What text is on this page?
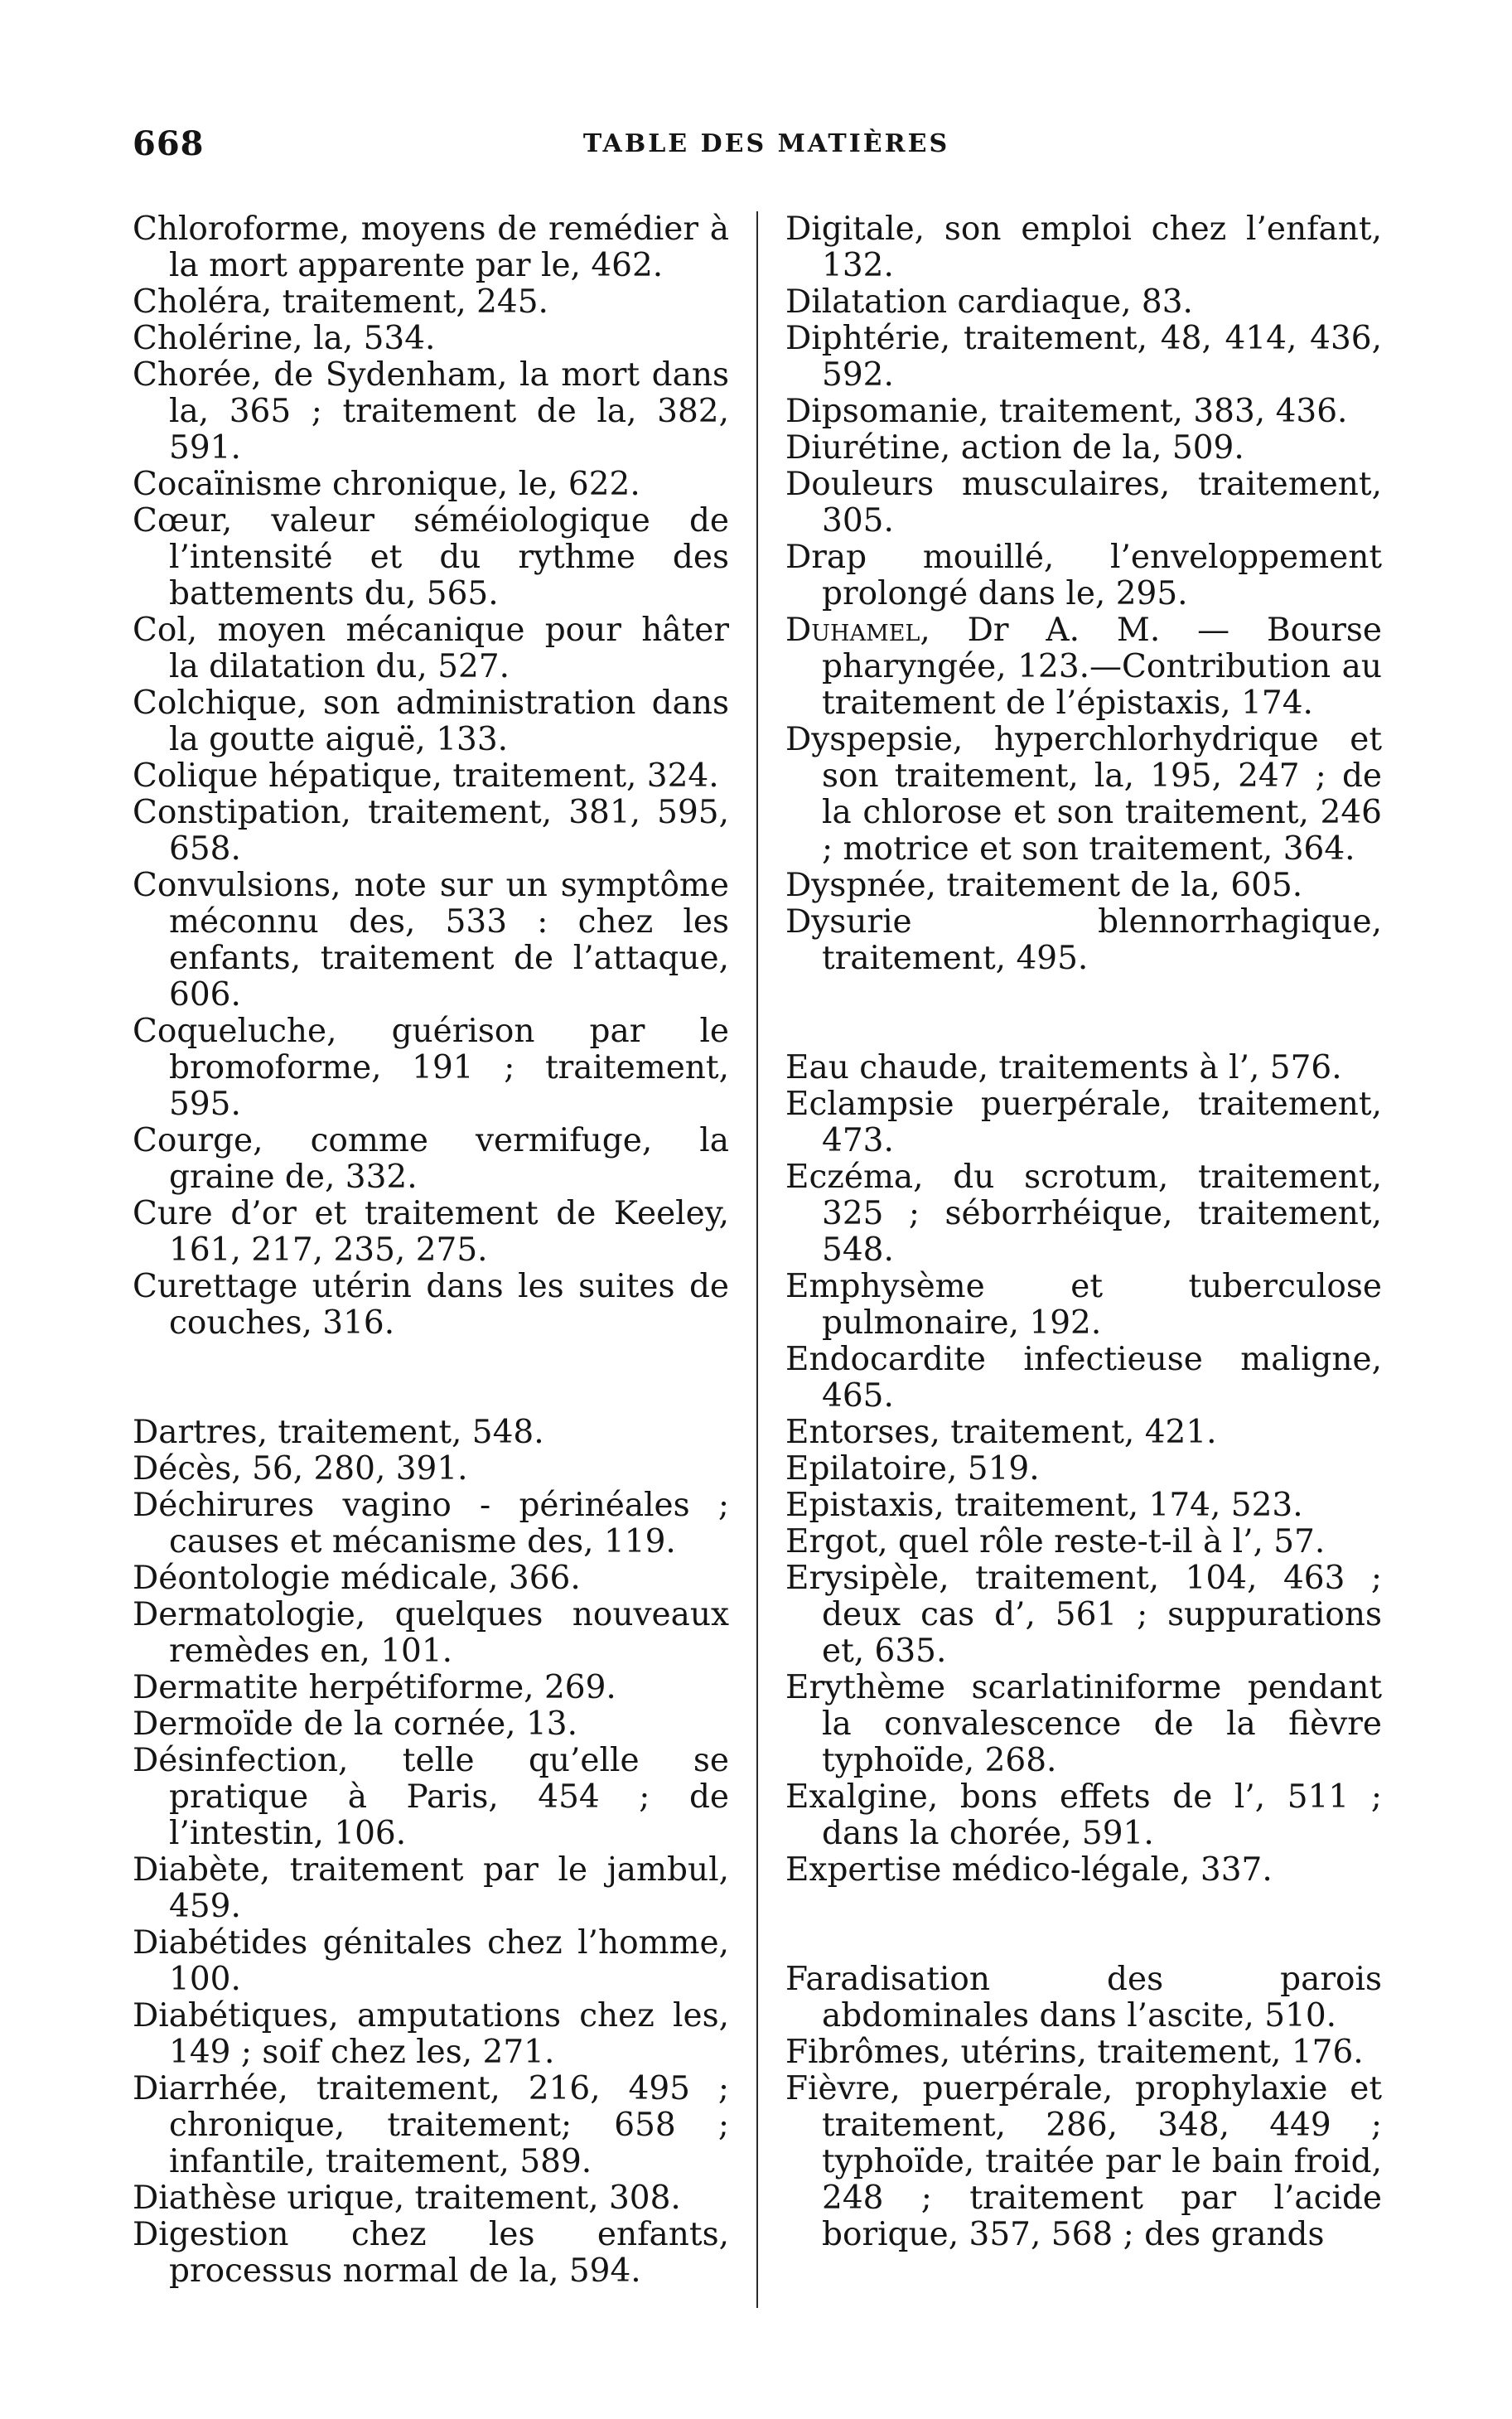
668	TABLE DES MATIÈRES

Chloroforme, moyens de remédier à la mort apparente par le, 462.

Choléra, traitement, 245.

Cholérine, la, 534.

Chorée, de Sydenham, la mort dans la, 365 ; traitement de la, 382, 591.

Cocaïnisme chronique, le, 622.

Cœur, valeur séméiologique de l’intensité et du rythme des battements du, 565.

Col, moyen mécanique pour hâter la dilatation du, 527.

Colchique, son administration dans la goutte aiguë, 133.

Colique hépatique, traitement, 324.

Constipation, traitement, 381, 595, 658.

Convulsions, note sur un symptôme méconnu des, 533 : chez les enfants, traitement de l’attaque, 606.

Coqueluche, guérison par le bromoforme, 191 ; traitement, 595.

Courge, comme vermifuge, la graine de, 332.

Cure d’or et traitement de Keeley, 161, 217, 235, 275.

Curettage utérin dans les suites de couches, 316.

Dartres, traitement, 548.

Décès, 56, 280, 391.

Déchirures vagino - périnéales ; causes et mécanisme des, 119.

Déontologie médicale, 366.

Dermatologie, quelques nouveaux remèdes en, 101.

Dermatite herpétiforme, 269.

Dermoïde de la cornée, 13.

Désinfection, telle qu’elle se pratique à Paris, 454 ; de l’intestin, 106.

Diabète, traitement par le jambul, 459.

Diabétides génitales chez l’homme, 100.

Diabétiques, amputations chez les, 149 ; soif chez les, 271.

Diarrhée, traitement, 216, 495 ; chronique, traitement; 658 ; infantile, traitement, 589.

Diathèse urique, traitement, 308.

Digestion chez les enfants, processus normal de la, 594.

Digitale, son emploi chez l’enfant, 132.

Dilatation cardiaque, 83.

Diphtérie, traitement, 48, 414, 436, 592.

Dipsomanie, traitement, 383, 436.

Diurétine, action de la, 509.

Douleurs musculaires, traitement, 305.

Drap mouillé, l’enveloppement prolongé dans le, 295.

Duhamel, Dr A. M. — Bourse pharyngée, 123.—Contribution au traitement de l’épistaxis, 174.

Dyspepsie, hyperchlorhydrique et son traitement, la, 195, 247 ; de la chlorose et son traitement, 246 ; motrice et son traitement, 364.

Dyspnée, traitement de la, 605.

Dysurie blennorrhagique, traitement, 495.

Eau chaude, traitements à l’, 576.

Eclampsie puerpérale, traitement, 473.

Eczéma, du scrotum, traitement, 325 ; séborrhéique, traitement, 548.

Emphysème et tuberculose pulmonaire, 192.

Endocardite infectieuse maligne, 465.

Entorses, traitement, 421.

Epilatoire, 519.

Epistaxis, traitement, 174, 523.

Ergot, quel rôle reste-t-il à l’, 57.

Erysipèle, traitement, 104, 463 ; deux cas d’, 561 ; suppurations et, 635.

Erythème scarlatiniforme pendant la convalescence de la fièvre typhoïde, 268.

Exalgine, bons effets de l’, 511 ; dans la chorée, 591.

Expertise médico-légale, 337.

Faradisation des parois abdominales dans l’ascite, 510.

Fibrômes, utérins, traitement, 176.

Fièvre, puerpérale, prophylaxie et traitement, 286, 348, 449 ; typhoïde, traitée par le bain froid, 248 ; traitement par l’acide borique, 357, 568 ; des grands
